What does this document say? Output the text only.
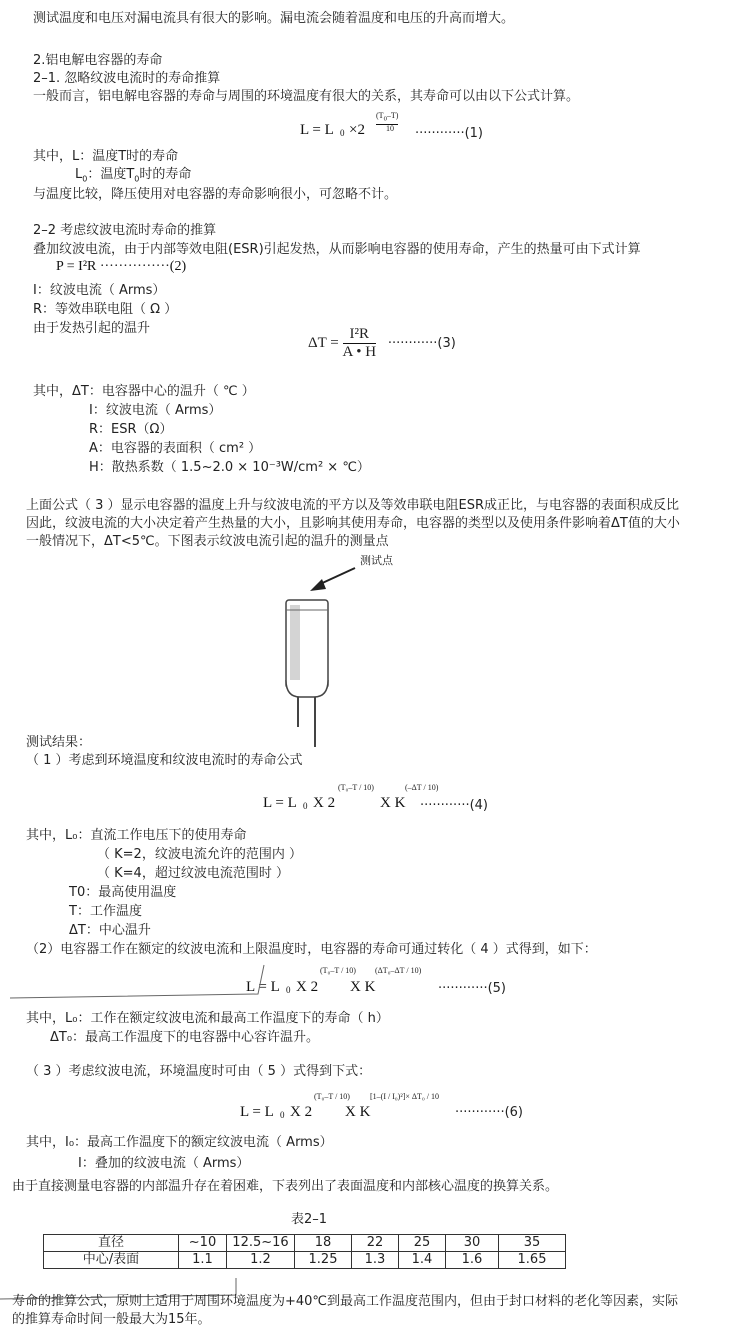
测试温度和电压对漏电流具有很大的影响。漏电流会随着温度和电压的升高而增大。
2.铝电解电容器的寿命
2–1. 忽略纹波电流时的寿命推算
一般而言，铝电解电容器的寿命与周围的环境温度有很大的关系，其寿命可以由以下公式计算。
L = L 0 ×2
$(T_0-T)$
10 ············(1)
其中，L：温度T时的寿命
$L_0$：温度$T_0$时的寿命
与温度比较，降压使用对电容器的寿命影响很小，可忽略不计。
2–2 考虑纹波电流时寿命的推算
叠加纹波电流，由于内部等效电阻(ESR)引起发热，从而影响电容器的使用寿命，产生的热量可由下式计算
P = I²R ···············(2)
I：纹波电流（ Arms）
R：等效串联电阻（ Ω ）
由于发热引起的温升
$\Delta T = \frac{\text{I²R}}{A • H} \cdot\cdot\cdot\cdot\cdot\cdot\cdot\cdot\cdot\cdot\cdot\cdot(3)$
其中，ΔT：电容器中心的温升（ ℃ ）
I：纹波电流（ Arms）
R：ESR（Ω）
A：电容器的表面积（ cm² ）
H：散热系数（ 1.5~2.0 × 10⁻³W/cm² × ℃）
上面公式（ 3 ）显示电容器的温度上升与纹波电流的平方以及等效串联电阻ESR成正比，与电容器的表面积成反比
因此，纹波电流的大小决定着产生热量的大小，且影响其使用寿命，电容器的类型以及使用条件影响着ΔT值的大小
一般情况下，ΔT<5℃。下图表示纹波电流引起的温升的测量点
测试点
测试结果：
（ 1 ）考虑到环境温度和纹波电流时的寿命公式
L = L 0 X 2
(T₀–T / 10)
X K
(–ΔT / 10)
············(4)
其中，L₀：直流工作电压下的使用寿命
（ K=2，纹波电流允许的范围内 ）
（ K=4，超过纹波电流范围时 ）
T0：最高使用温度
T：工作温度
ΔT：中心温升
（2）电容器工作在额定的纹波电流和上限温度时，电容器的寿命可通过转化（ 4 ）式得到，如下：
L = L 0 X 2
(T₀–T / 10)
X K
(ΔT₀–ΔT / 10)
············(5)
其中，L₀：工作在额定纹波电流和最高工作温度下的寿命（ h）
ΔT₀：最高工作温度下的电容器中心容许温升。
（ 3 ）考虑纹波电流，环境温度时可由（ 5 ）式得到下式：
L = L 0 X 2
(T₀–T / 10)
X K
[1–(I / I₀)²]× ΔT₀ / 10
············(6)
其中，I₀：最高工作温度下的额定纹波电流（ Arms）
I：叠加的纹波电流（ Arms）
由于直接测量电容器的内部温升存在着困难，下表列出了表面温度和内部核心温度的换算关系。
表2–1
直径	~10	12.5~16	18	22	25	30	35
中心/表面	1.1	1.2	1.25	1.3	1.4	1.6	1.65
寿命的推算公式，原则上适用于周围环境温度为+40℃到最高工作温度范围内，但由于封口材料的老化等因素，实际
的推算寿命时间一般最大为15年。
